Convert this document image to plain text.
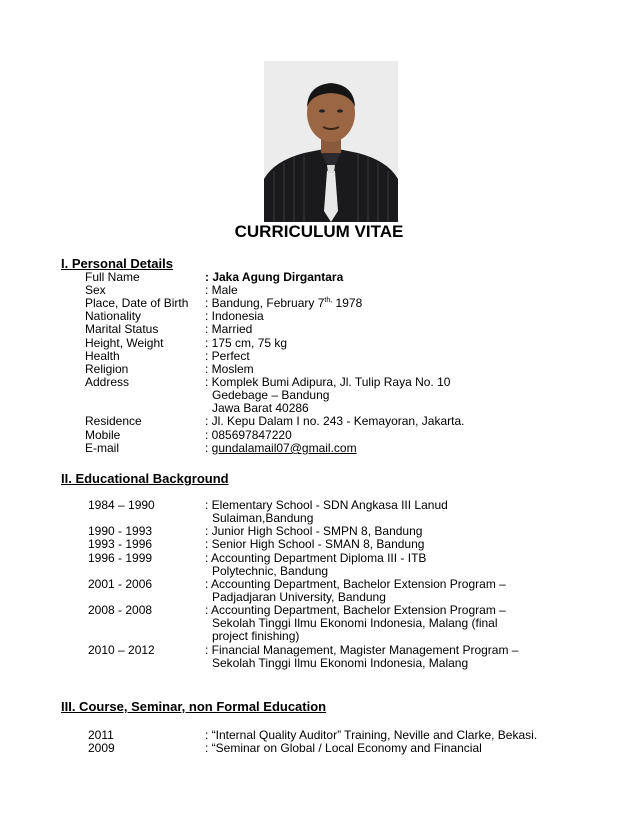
CURRICULUM VITAE
I. Personal Details
Full Name	: Jaka Agung Dirgantara
Sex	: Male
Place, Date of Birth : Bandung, February $7^{th,}$ 1978
Nationality	: Indonesia
Marital Status	: Married
Height, Weight	: 175 cm, 75 kg
Health	: Perfect
Religion	: Moslem
Address	: Komplek Bumi Adipura, Jl. Tulip Raya No. 10
Gedebage – Bandung
Jawa Barat 40286
Residence	: Jl. Kepu Dalam I no. 243 - Kemayoran, Jakarta.
Mobile	: 085697847220
E-mail	: gundalamail07@gmail.com
II. Educational Background
1984 – 1990	: Elementary School - SDN Angkasa III Lanud
Sulaiman,Bandung
1990 - 1993	: Junior High School - SMPN 8, Bandung
1993 - 1996	: Senior High School - SMAN 8, Bandung
1996 - 1999	: Accounting Department Diploma III - ITB
Polytechnic, Bandung
2001 - 2006	: Accounting Department, Bachelor Extension Program –
Padjadjaran University, Bandung
2008 - 2008	: Accounting Department, Bachelor Extension Program –
Sekolah Tinggi Ilmu Ekonomi Indonesia, Malang (final
project finishing)
2010 – 2012	: Financial Management, Magister Management Program –
Sekolah Tinggi Ilmu Ekonomi Indonesia, Malang
III. Course, Seminar, non Formal Education
2011	: “Internal Quality Auditor” Training, Neville and Clarke, Bekasi.
2009	: “Seminar on Global / Local Economy and Financial
